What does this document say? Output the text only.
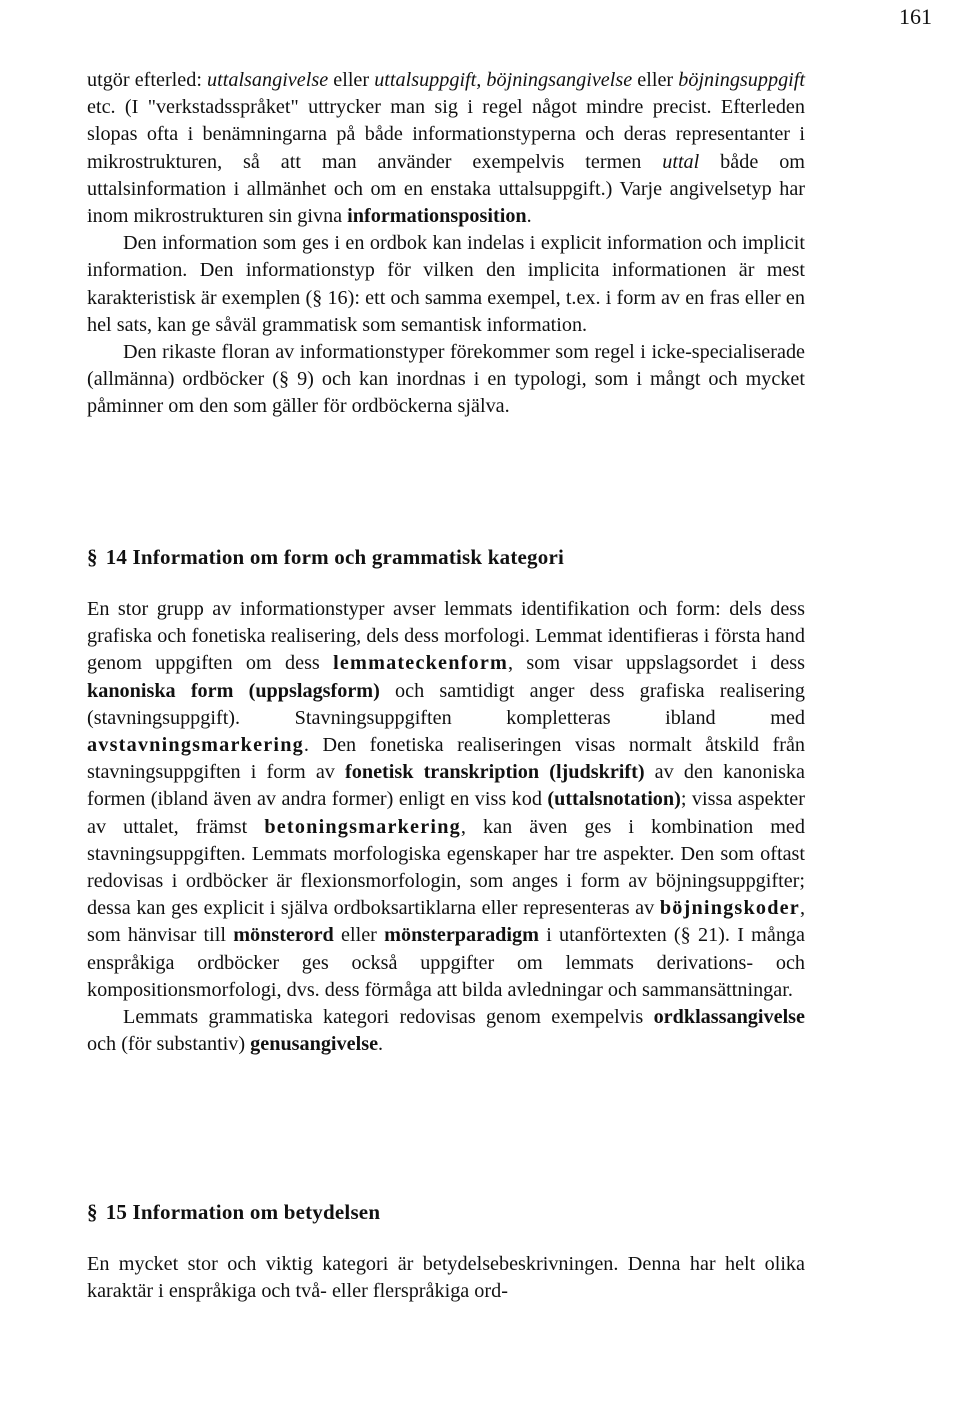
161

utgör efterled: uttalsangivelse eller uttalsuppgift, böjningsangivelse eller böjningsuppgift etc. (I "verkstadsspråket" uttrycker man sig i regel något mindre precist. Efterleden slopas ofta i benämningarna på både informationstyperna och deras representanter i mikrostrukturen, så att man använder exempelvis termen uttal både om uttalsinformation i allmänhet och om en enstaka uttalsuppgift.) Varje angivelsetyp har inom mikrostrukturen sin givna informationsposition.

Den information som ges i en ordbok kan indelas i explicit information och implicit information. Den informationstyp för vilken den implicita informationen är mest karakteristisk är exemplen (§ 16): ett och samma exempel, t.ex. i form av en fras eller en hel sats, kan ge såväl grammatisk som semantisk information.

Den rikaste floran av informationstyper förekommer som regel i icke-specialiserade (allmänna) ordböcker (§ 9) och kan inordnas i en typologi, som i mångt och mycket påminner om den som gäller för ordböckerna själva.

§ 14 Information om form och grammatisk kategori

En stor grupp av informationstyper avser lemmats identifikation och form: dels dess grafiska och fonetiska realisering, dels dess morfologi. Lemmat identifieras i första hand genom uppgiften om dess lemmateckenform, som visar uppslagsordet i dess kanoniska form (uppslagsform) och samtidigt anger dess grafiska realisering (stavningsuppgift). Stavningsuppgiften kompletteras ibland med avstavningsmarkering. Den fonetiska realiseringen visas normalt åtskild från stavningsuppgiften i form av fonetisk transkription (ljudskrift) av den kanoniska formen (ibland även av andra former) enligt en viss kod (uttalsnotation); vissa aspekter av uttalet, främst betoningsmarkering, kan även ges i kombination med stavningsuppgiften. Lemmats morfologiska egenskaper har tre aspekter. Den som oftast redovisas i ordböcker är flexionsmorfologin, som anges i form av böjningsuppgifter; dessa kan ges explicit i själva ordboksartiklarna eller representeras av böjningskoder, som hänvisar till mönsterord eller mönsterparadigm i utanförtexten (§ 21). I många enspråkiga ordböcker ges också uppgifter om lemmats derivations- och kompositionsmorfologi, dvs. dess förmåga att bilda avledningar och sammansättningar.

Lemmats grammatiska kategori redovisas genom exempelvis ordklassangivelse och (för substantiv) genusangivelse.

§ 15 Information om betydelsen

En mycket stor och viktig kategori är betydelsebeskrivningen. Denna har helt olika karaktär i enspråkiga och två- eller flerspråkiga ord-
